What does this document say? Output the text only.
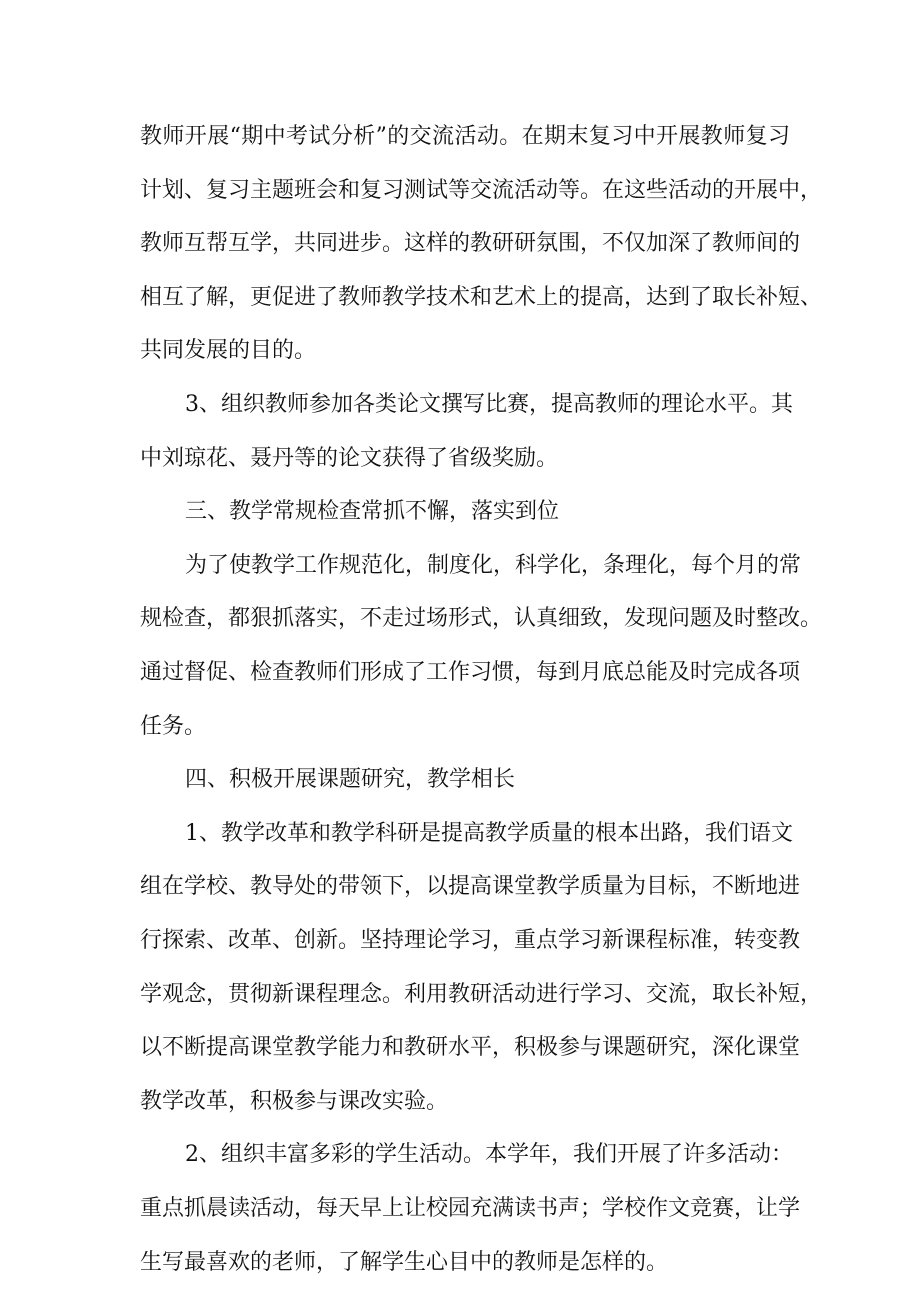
教师开展“期中考试分析”的交流活动。在期末复习中开展教师复习
计划、复习主题班会和复习测试等交流活动等。在这些活动的开展中，
教师互帮互学，共同进步。这样的教研研氛围，不仅加深了教师间的
相互了解，更促进了教师教学技术和艺术上的提高，达到了取长补短、
共同发展的目的。
3、组织教师参加各类论文撰写比赛，提高教师的理论水平。其
中刘琼花、聂丹等的论文获得了省级奖励。
三、教学常规检查常抓不懈，落实到位
为了使教学工作规范化，制度化，科学化，条理化，每个月的常
规检查，都狠抓落实，不走过场形式，认真细致，发现问题及时整改。
通过督促、检查教师们形成了工作习惯，每到月底总能及时完成各项
任务。
四、积极开展课题研究，教学相长
1、教学改革和教学科研是提高教学质量的根本出路，我们语文
组在学校、教导处的带领下，以提高课堂教学质量为目标，不断地进
行探索、改革、创新。坚持理论学习，重点学习新课程标准，转变教
学观念，贯彻新课程理念。利用教研活动进行学习、交流，取长补短，
以不断提高课堂教学能力和教研水平，积极参与课题研究，深化课堂
教学改革，积极参与课改实验。
2、组织丰富多彩的学生活动。本学年，我们开展了许多活动：
重点抓晨读活动，每天早上让校园充满读书声；学校作文竞赛，让学
生写最喜欢的老师，了解学生心目中的教师是怎样的。
